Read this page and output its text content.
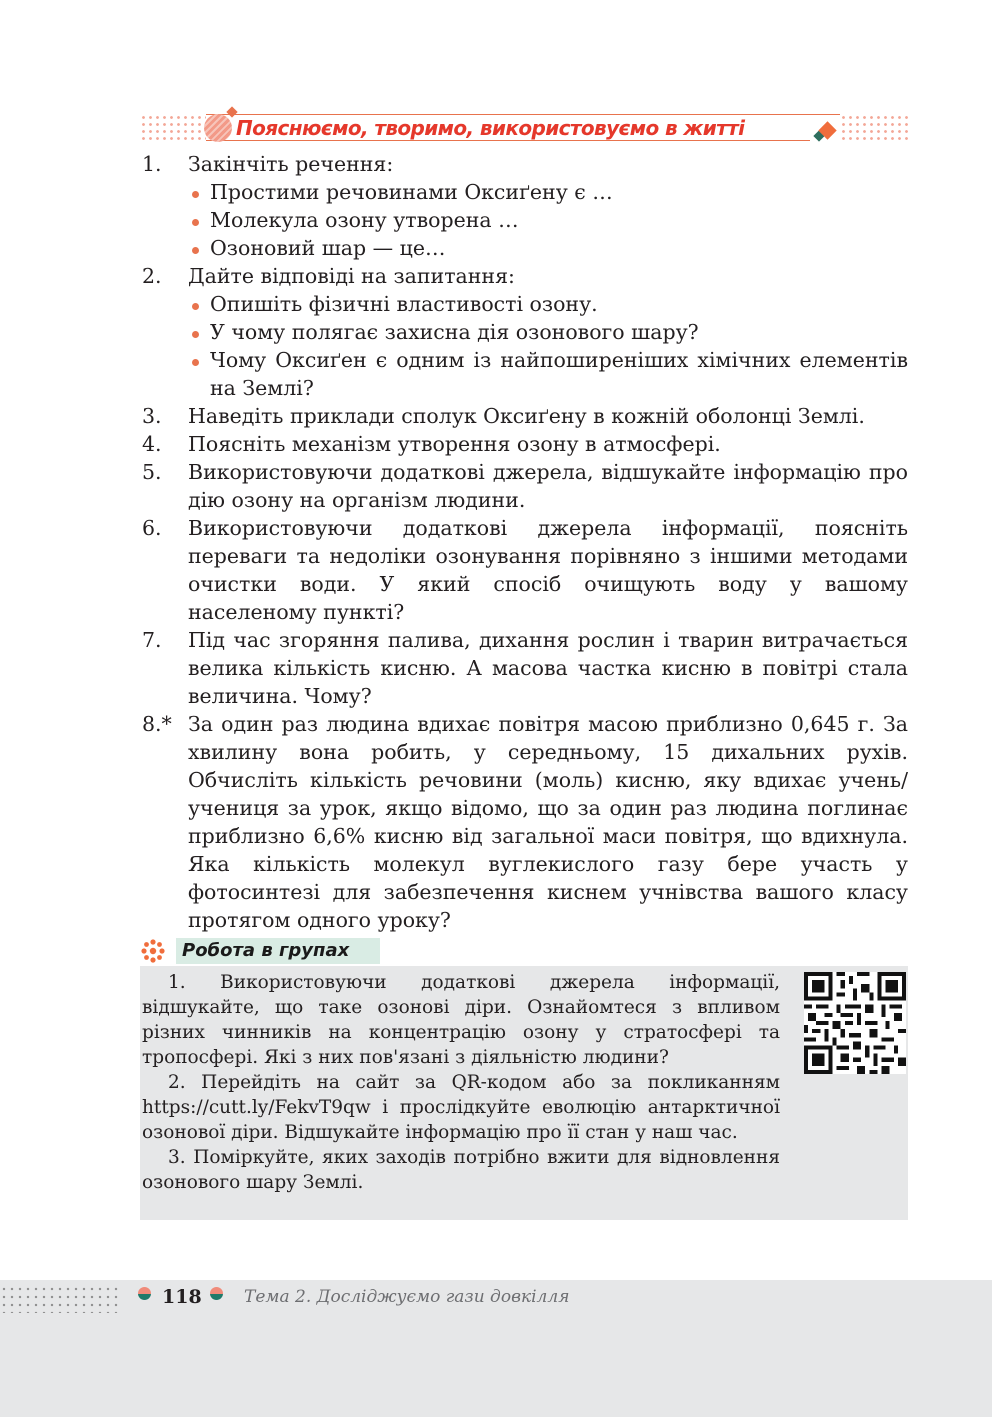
Пояснюємо, творимо, використовуємо в житті
1. Закінчіть речення:
Простими речовинами Оксиґену є …
Молекула озону утворена …
Озоновий шар — це…
2. Дайте відповіді на запитання:
Опишіть фізичні властивості озону.
У чому полягає захисна дія озонового шару?
Чому Оксиґен є одним із найпоширеніших хімічних елементів на Землі?
3. Наведіть приклади сполук Оксиґену в кожній оболонці Землі.
4. Поясніть механізм утворення озону в атмосфері.
5. Використовуючи додаткові джерела, відшукайте інформацію про дію озону на організм людини.
6. Використовуючи додаткові джерела інформації, поясніть переваги та недоліки озонування порівняно з іншими методами очистки води. У який спосіб очищують воду у вашому населеному пункті?
7. Під час згоряння палива, дихання рослин і тварин витрачається велика кількість кисню. А масова частка кисню в повітрі стала величина. Чому?
8.* За один раз людина вдихає повітря масою приблизно 0,645 г. За хвилину вона робить, у середньому, 15 дихальних рухів. Обчисліть кількість речовини (моль) кисню, яку вдихає учень/учениця за урок, якщо відомо, що за один раз людина поглинає приблизно 6,6% кисню від загальної маси повітря, що вдихнула. Яка кількість молекул вуглекислого газу бере участь у фотосинтезі для забезпечення киснем учнівства вашого класу протягом одного уроку?
Робота в групах

1. Використовуючи додаткові джерела інформації, відшукайте, що таке озонові діри. Ознайомтеся з впливом різних чинників на концентрацію озону у стратосфері та тропосфері. Які з них пов'язані з діяльністю людини?

2. Перейдіть на сайт за QR-кодом або за покликанням https://cutt.ly/FekvT9qw і прослідкуйте еволюцію антарктичної озонової діри. Відшукайте інформацію про її стан у наш час.

3. Поміркуйте, яких заходів потрібно вжити для відновлення озонового шару Землі.

118 Тема 2. Досліджуємо гази довкілля
